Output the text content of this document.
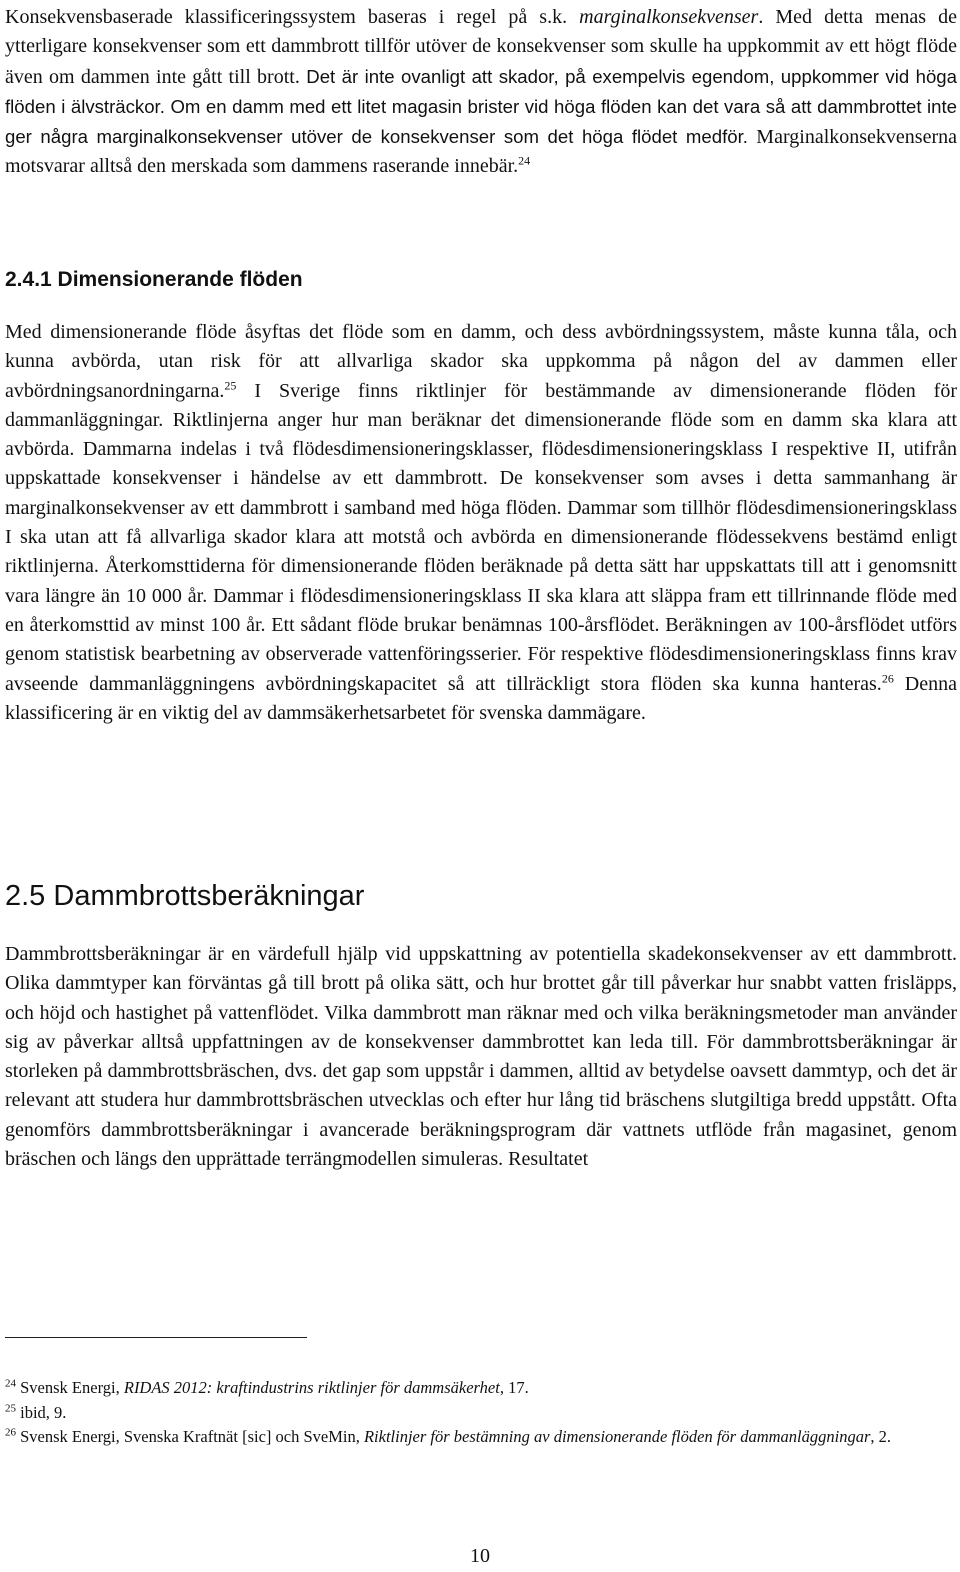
Konsekvensbaserade klassificeringssystem baseras i regel på s.k. marginalkonsekvenser. Med detta menas de ytterligare konsekvenser som ett dammbrott tillför utöver de konsekvenser som skulle ha uppkommit av ett högt flöde även om dammen inte gått till brott. Det är inte ovanligt att skador, på exempelvis egendom, uppkommer vid höga flöden i älvsträckor. Om en damm med ett litet magasin brister vid höga flöden kan det vara så att dammbrottet inte ger några marginalkonsekvenser utöver de konsekvenser som det höga flödet medför. Marginalkonsekvenserna motsvarar alltså den merskada som dammens raserande innebär.$^{24}$

2.4.1 Dimensionerande flöden

Med dimensionerande flöde åsyftas det flöde som en damm, och dess avbördningssystem, måste kunna tåla, och kunna avbörda, utan risk för att allvarliga skador ska uppkomma på någon del av dammen eller avbördningsanordningarna.$^{25}$ I Sverige finns riktlinjer för bestämmande av dimensionerande flöden för dammanläggningar. Riktlinjerna anger hur man beräknar det dimensionerande flöde som en damm ska klara att avbörda. Dammarna indelas i två flödesdimensioneringsklasser, flödesdimensioneringsklass I respektive II, utifrån uppskattade konsekvenser i händelse av ett dammbrott. De konsekvenser som avses i detta sammanhang är marginalkonsekvenser av ett dammbrott i samband med höga flöden. Dammar som tillhör flödesdimensioneringsklass I ska utan att få allvarliga skador klara att motstå och avbörda en dimensionerande flödessekvens bestämd enligt riktlinjerna. Återkomsttiderna för dimensionerande flöden beräknade på detta sätt har uppskattats till att i genomsnitt vara längre än 10 000 år. Dammar i flödesdimensioneringsklass II ska klara att släppa fram ett tillrinnande flöde med en återkomsttid av minst 100 år. Ett sådant flöde brukar benämnas 100-årsflödet. Beräkningen av 100-årsflödet utförs genom statistisk bearbetning av observerade vattenföringsserier. För respektive flödesdimensioneringsklass finns krav avseende dammanläggningens avbördningskapacitet så att tillräckligt stora flöden ska kunna hanteras.$^{26}$ Denna klassificering är en viktig del av dammsäkerhetsarbetet för svenska dammägare.

2.5 Dammbrottsberäkningar

Dammbrottsberäkningar är en värdefull hjälp vid uppskattning av potentiella skadekonsekvenser av ett dammbrott. Olika dammtyper kan förväntas gå till brott på olika sätt, och hur brottet går till påverkar hur snabbt vatten frisläpps, och höjd och hastighet på vattenflödet. Vilka dammbrott man räknar med och vilka beräkningsmetoder man använder sig av påverkar alltså uppfattningen av de konsekvenser dammbrottet kan leda till. För dammbrottsberäkningar är storleken på dammbrottsbräschen, dvs. det gap som uppstår i dammen, alltid av betydelse oavsett dammtyp, och det är relevant att studera hur dammbrottsbräschen utvecklas och efter hur lång tid bräschens slutgiltiga bredd uppstått. Ofta genomförs dammbrottsberäkningar i avancerade beräkningsprogram där vattnets utflöde från magasinet, genom bräschen och längs den upprättade terrängmodellen simuleras. Resultatet

$^{24}$ Svensk Energi, RIDAS 2012: kraftindustrins riktlinjer för dammsäkerhet, 17.

$^{25}$ ibid, 9.

$^{26}$ Svensk Energi, Svenska Kraftnät [sic] och SveMin, Riktlinjer för bestämning av dimensionerande flöden för dammanläggningar, 2.

10
